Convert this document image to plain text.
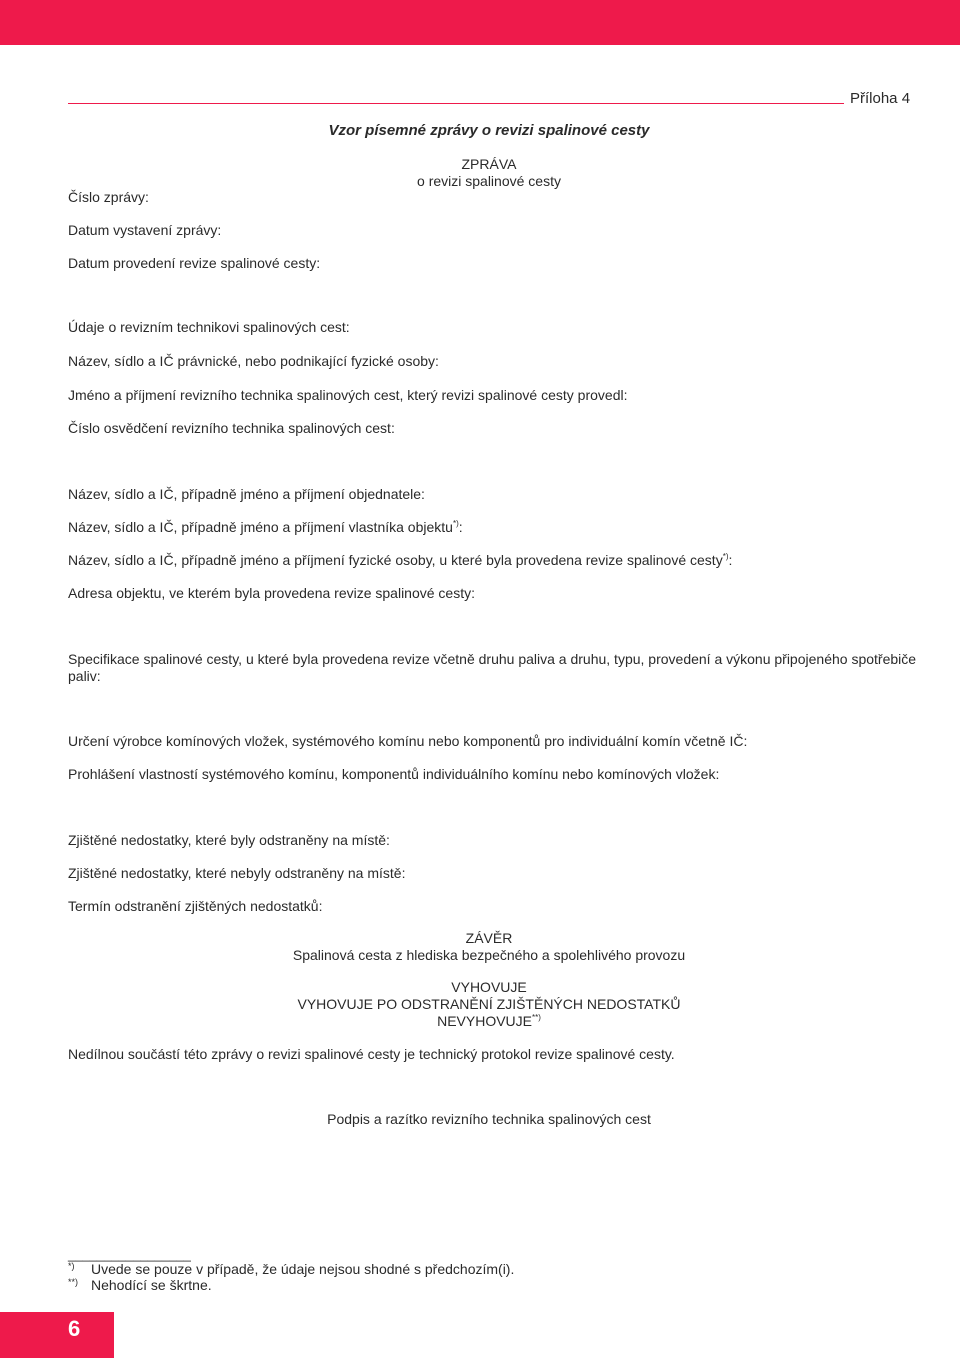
Příloha 4
Vzor písemné zprávy o revizi spalinové cesty
ZPRÁVA
o revizi spalinové cesty
Číslo zprávy:
Datum vystavení zprávy:
Datum provedení revize spalinové cesty:
Údaje o revizním technikovi spalinových cest:
Název, sídlo a IČ právnické, nebo podnikající fyzické osoby:
Jméno a příjmení revizního technika spalinových cest, který revizi spalinové cesty provedl:
Číslo osvědčení revizního technika spalinových cest:
Název, sídlo a IČ, případně jméno a příjmení objednatele:
Název, sídlo a IČ, případně jméno a příjmení vlastníka objektu*):
Název, sídlo a IČ, případně jméno a příjmení fyzické osoby, u které byla provedena revize spalinové cesty*):
Adresa objektu, ve kterém byla provedena revize spalinové cesty:
Specifikace spalinové cesty, u které byla provedena revize včetně druhu paliva a druhu, typu, provedení a výkonu připojeného spotřebiče paliv:
Určení výrobce komínových vložek, systémového komínu nebo komponentů pro individuální komín včetně IČ:
Prohlášení vlastností systémového komínu, komponentů individuálního komínu nebo komínových vložek:
Zjištěné nedostatky, které byly odstraněny na místě:
Zjištěné nedostatky, které nebyly odstraněny na místě:
Termín odstranění zjištěných nedostatků:
ZÁVĚR
Spalinová cesta z hlediska bezpečného a spolehlivého provozu
VYHOVUJE
VYHOVUJE PO ODSTRANĚNÍ ZJIŠTĚNÝCH NEDOSTATKŮ
NEVYHOVUJE**)
Nedílnou součástí této zprávy o revizi spalinové cesty je technický protokol revize spalinové cesty.
Podpis a razítko revizního technika spalinových cest
_________________
*) Uvede se pouze v případě, že údaje nejsou shodné s předchozím(i).
**) Nehodící se škrtne.
6
